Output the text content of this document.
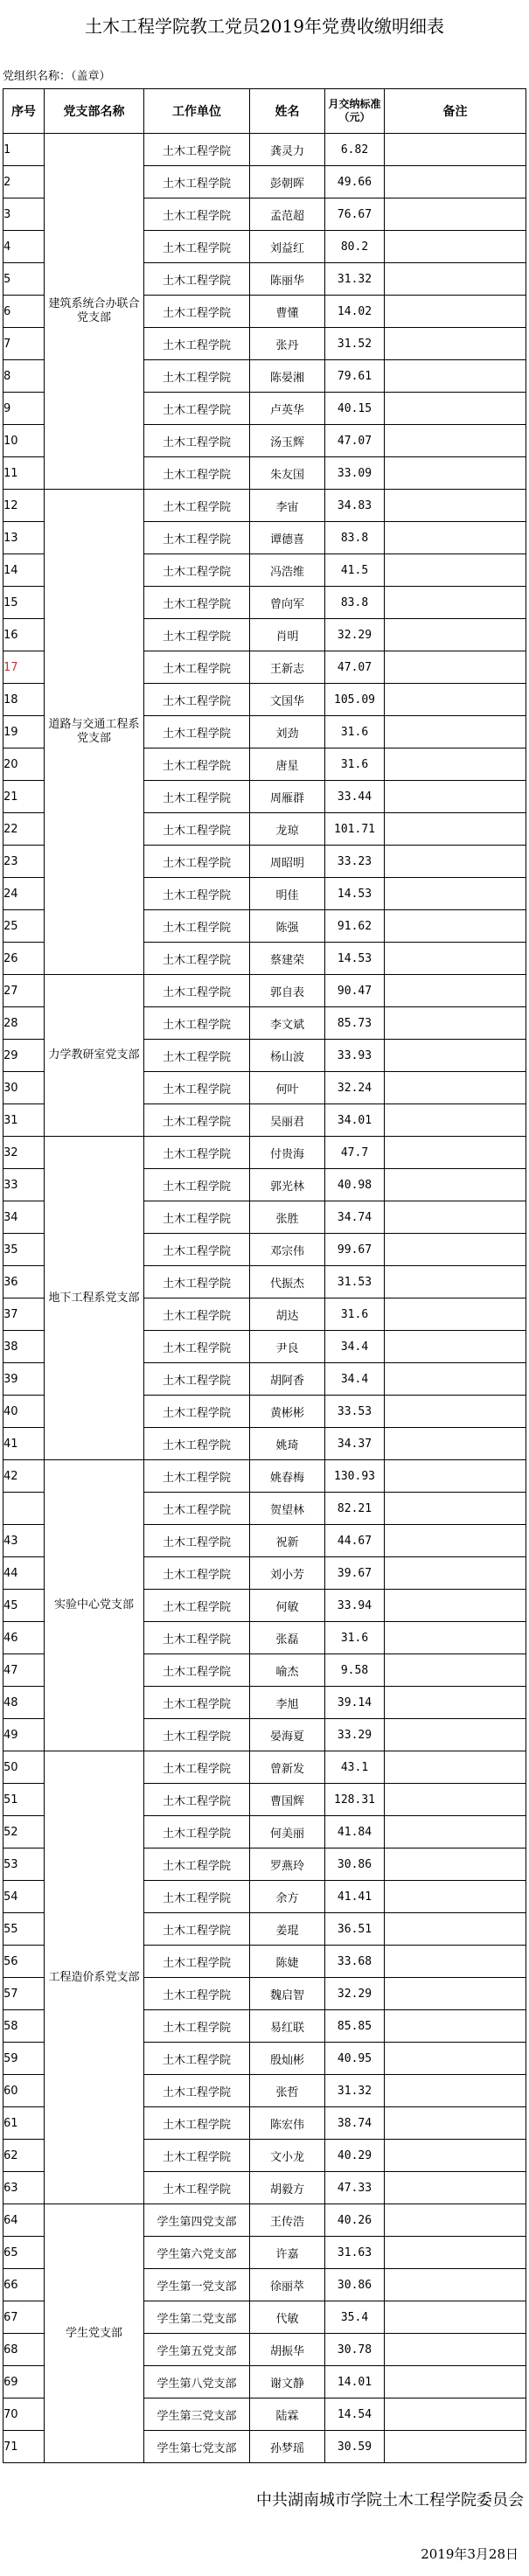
土木工程学院教工党员2019年党费收缴明细表
党组织名称：（盖章）
序号	党支部名称	工作单位	姓名	月交纳标准（元）	备注
1	建筑系统合办联合党支部	土木工程学院	龚灵力	6.82	
2		土木工程学院	彭朝晖	49.66	
3		土木工程学院	孟范超	76.67	
4		土木工程学院	刘益红	80.2	
5		土木工程学院	陈丽华	31.32	
6		土木工程学院	曹懂	14.02	
7		土木工程学院	张丹	31.52	
8		土木工程学院	陈晏湘	79.61	
9		土木工程学院	卢英华	40.15	
10		土木工程学院	汤玉辉	47.07	
11		土木工程学院	朱友国	33.09	
12	道路与交通工程系党支部	土木工程学院	李宙	34.83	
13		土木工程学院	谭德喜	83.8	
14		土木工程学院	冯浩维	41.5	
15		土木工程学院	曾向军	83.8	
16		土木工程学院	肖明	32.29	
17		土木工程学院	王新志	47.07	
18		土木工程学院	文国华	105.09	
19		土木工程学院	刘劲	31.6	
20		土木工程学院	唐星	31.6	
21		土木工程学院	周雁群	33.44	
22		土木工程学院	龙琼	101.71	
23		土木工程学院	周昭明	33.23	
24		土木工程学院	明佳	14.53	
25		土木工程学院	陈强	91.62	
26		土木工程学院	蔡建荣	14.53	
27	力学教研室党支部	土木工程学院	郭自表	90.47	
28		土木工程学院	李文斌	85.73	
29		土木工程学院	杨山波	33.93	
30		土木工程学院	何叶	32.24	
31		土木工程学院	吴丽君	34.01	
32	地下工程系党支部	土木工程学院	付贵海	47.7	
33		土木工程学院	郭光林	40.98	
34		土木工程学院	张胜	34.74	
35		土木工程学院	邓宗伟	99.67	
36		土木工程学院	代振杰	31.53	
37		土木工程学院	胡达	31.6	
38		土木工程学院	尹良	34.4	
39		土木工程学院	胡阿香	34.4	
40		土木工程学院	黄彬彬	33.53	
41		土木工程学院	姚琦	34.37	
42	实验中心党支部	土木工程学院	姚春梅	130.93	
		土木工程学院	贺望林	82.21	
43		土木工程学院	祝新	44.67	
44		土木工程学院	刘小芳	39.67	
45		土木工程学院	何敏	33.94	
46		土木工程学院	张磊	31.6	
47		土木工程学院	喻杰	9.58	
48		土木工程学院	李旭	39.14	
49		土木工程学院	晏海夏	33.29	
50	工程造价系党支部	土木工程学院	曾新发	43.1	
51		土木工程学院	曹国辉	128.31	
52		土木工程学院	何美丽	41.84	
53		土木工程学院	罗燕玲	30.86	
54		土木工程学院	余方	41.41	
55		土木工程学院	姜琨	36.51	
56		土木工程学院	陈婕	33.68	
57		土木工程学院	魏启智	32.29	
58		土木工程学院	易红联	85.85	
59		土木工程学院	殷灿彬	40.95	
60		土木工程学院	张哲	31.32	
61		土木工程学院	陈宏伟	38.74	
62		土木工程学院	文小龙	40.29	
63		土木工程学院	胡毅方	47.33	
64	学生党支部	学生第四党支部	王传浩	40.26	
65		学生第六党支部	许嘉	31.63	
66		学生第一党支部	徐丽萃	30.86	
67		学生第二党支部	代敏	35.4	
68		学生第五党支部	胡振华	30.78	
69		学生第八党支部	谢文静	14.01	
70		学生第三党支部	陆霖	14.54	
71		学生第七党支部	孙梦瑶	30.59	
中共湖南城市学院土木工程学院委员会
2019年3月28日
